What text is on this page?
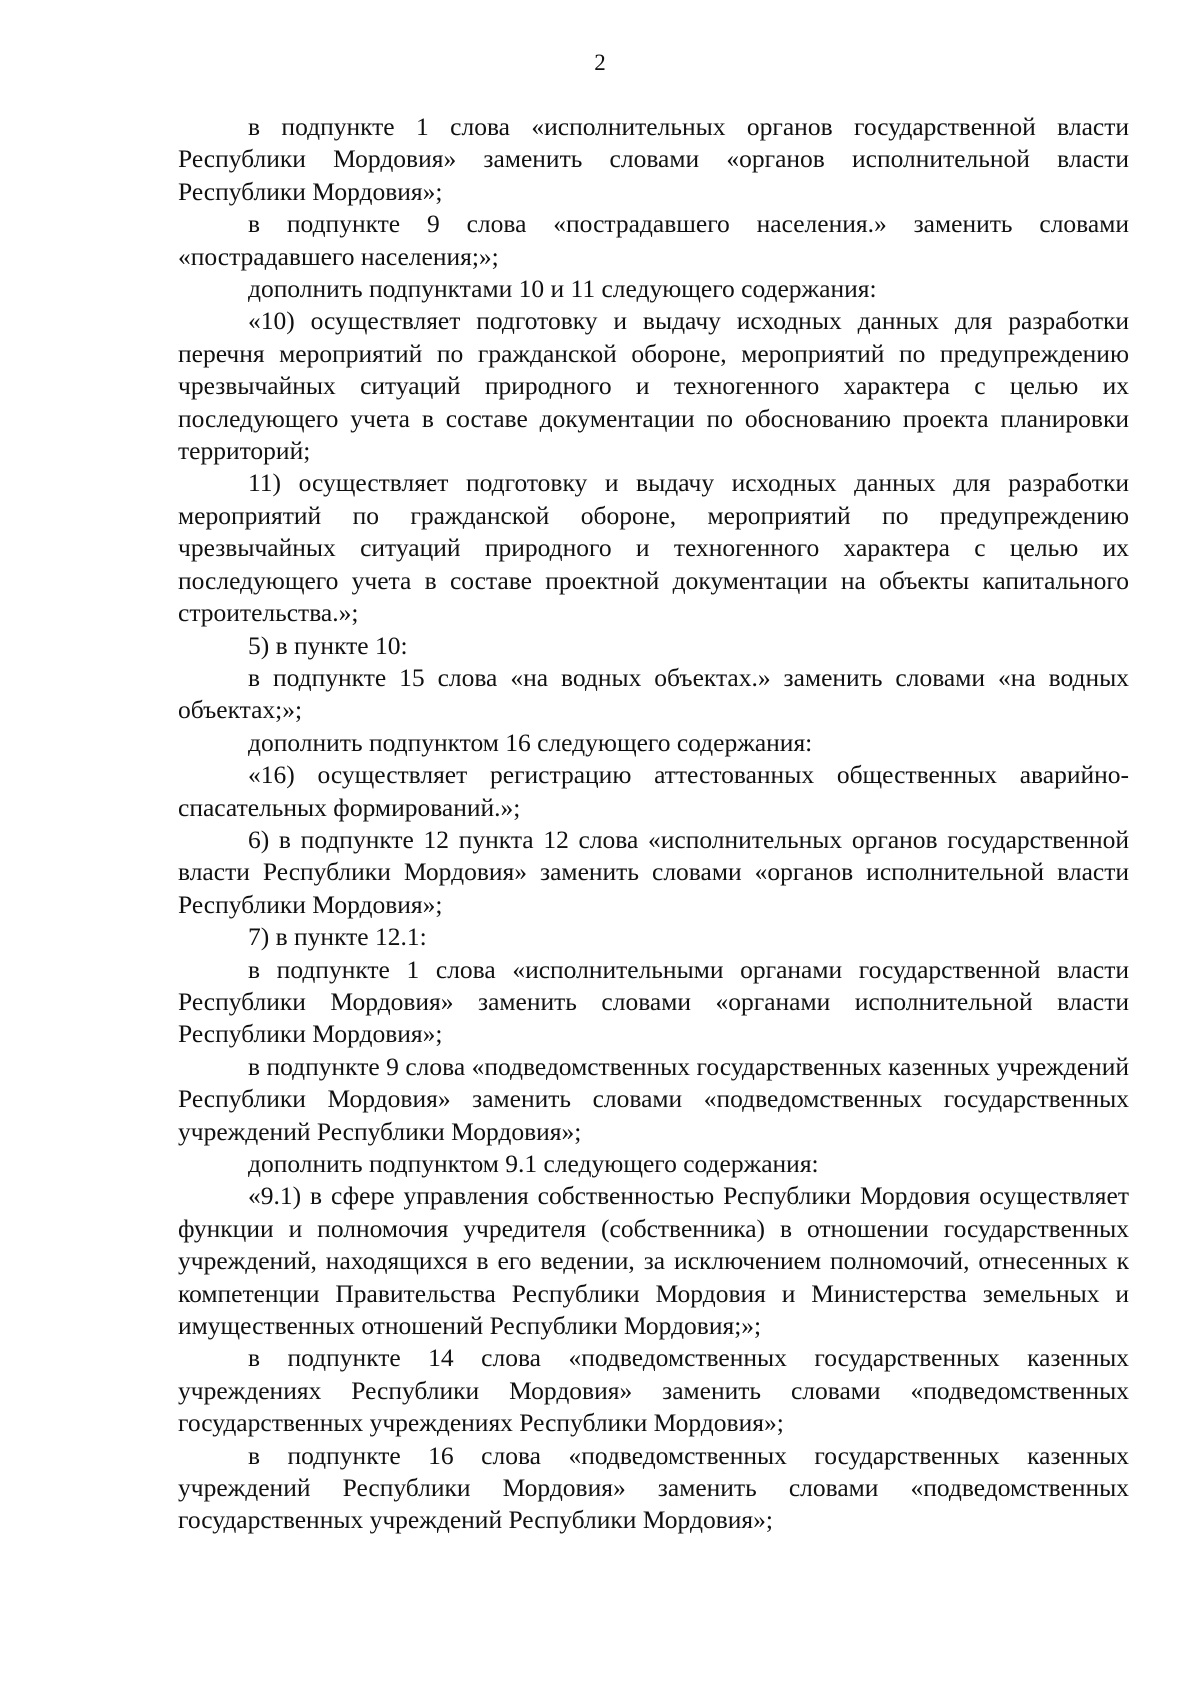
2

в подпункте 1 слова «исполнительных органов государственной власти Республики Мордовия» заменить словами «органов исполнительной власти Республики Мордовия»;

в подпункте 9 слова «пострадавшего населения.» заменить словами «пострадавшего населения;»;

дополнить подпунктами 10 и 11 следующего содержания:

«10) осуществляет подготовку и выдачу исходных данных для разработки перечня мероприятий по гражданской обороне, мероприятий по предупреждению чрезвычайных ситуаций природного и техногенного характера с целью их последующего учета в составе документации по обоснованию проекта планировки территорий;

11) осуществляет подготовку и выдачу исходных данных для разработки мероприятий по гражданской обороне, мероприятий по предупреждению чрезвычайных ситуаций природного и техногенного характера с целью их последующего учета в составе проектной документации на объекты капитального строительства.»;

5) в пункте 10:

в подпункте 15 слова «на водных объектах.» заменить словами «на водных объектах;»;

дополнить подпунктом 16 следующего содержания:

«16) осуществляет регистрацию аттестованных общественных аварийно-спасательных формирований.»;

6) в подпункте 12 пункта 12 слова «исполнительных органов государственной власти Республики Мордовия» заменить словами «органов исполнительной власти Республики Мордовия»;

7) в пункте 12.1:

в подпункте 1 слова «исполнительными органами государственной власти Республики Мордовия» заменить словами «органами исполнительной власти Республики Мордовия»;

в подпункте 9 слова «подведомственных государственных казенных учреждений Республики Мордовия» заменить словами «подведомственных государственных учреждений Республики Мордовия»;

дополнить подпунктом 9.1 следующего содержания:

«9.1) в сфере управления собственностью Республики Мордовия осуществляет функции и полномочия учредителя (собственника) в отношении государственных учреждений, находящихся в его ведении, за исключением полномочий, отнесенных к компетенции Правительства Республики Мордовия и Министерства земельных и имущественных отношений Республики Мордовия;»;

в подпункте 14 слова «подведомственных государственных казенных учреждениях Республики Мордовия» заменить словами «подведомственных государственных учреждениях Республики Мордовия»;

в подпункте 16 слова «подведомственных государственных казенных учреждений Республики Мордовия» заменить словами «подведомственных государственных учреждений Республики Мордовия»;
